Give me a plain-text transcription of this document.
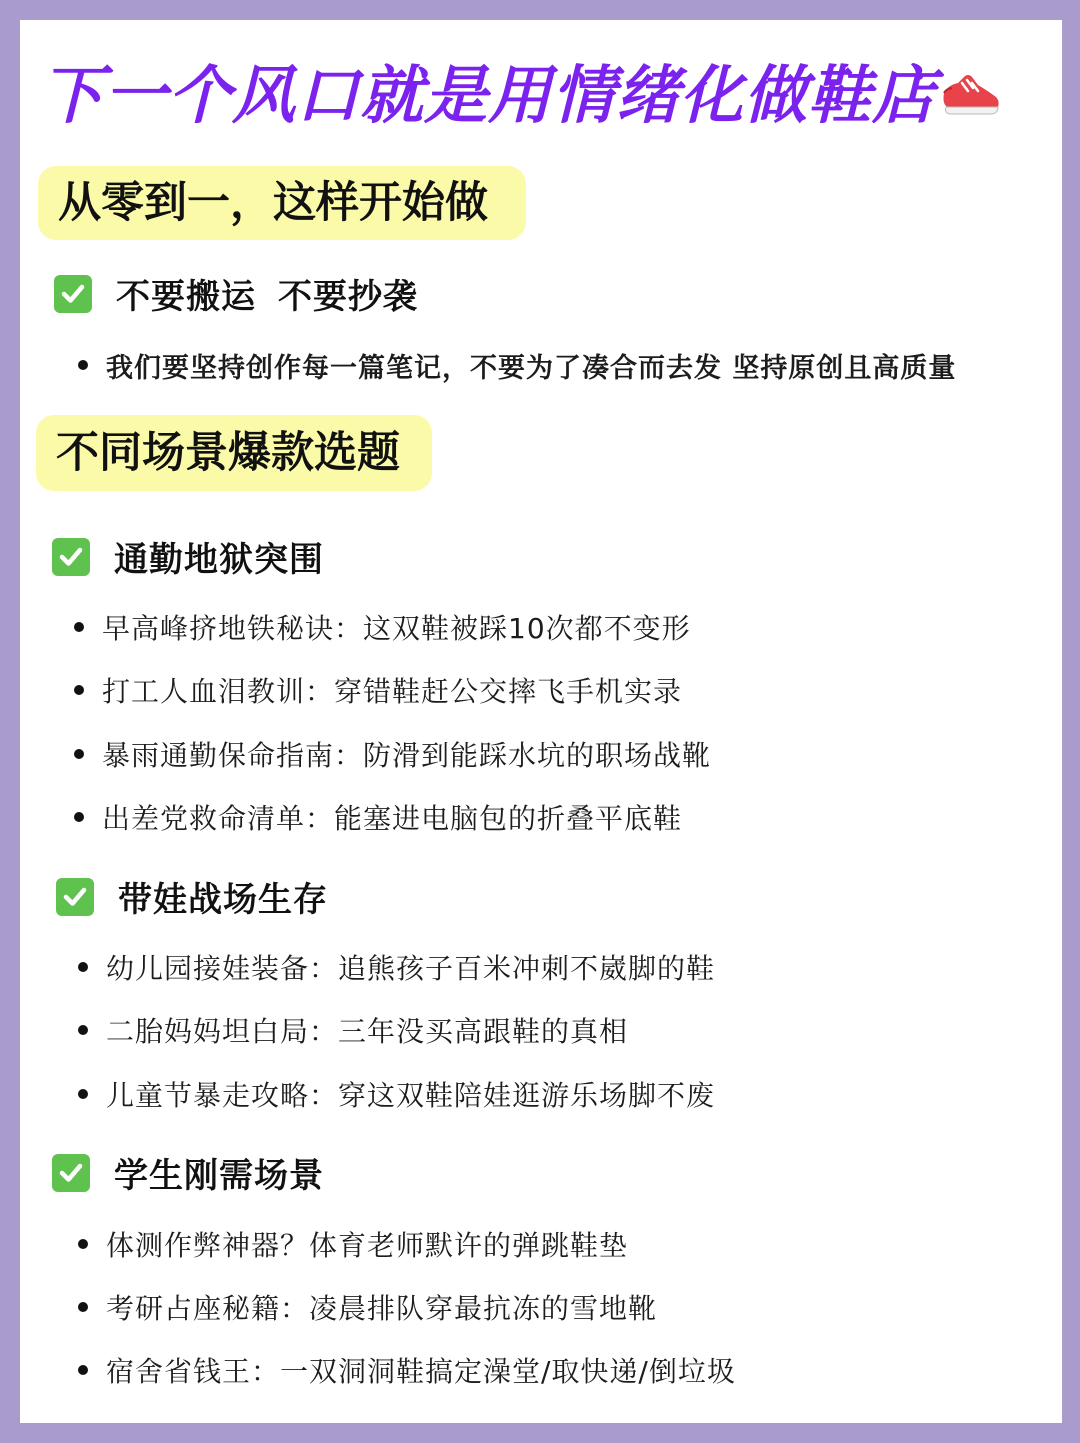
下一个风口就是用情绪化做鞋店
从零到一，这样开始做
不要搬运 不要抄袭
我们要坚持创作每一篇笔记，不要为了凑合而去发 坚持原创且高质量
不同场景爆款选题
通勤地狱突围
早高峰挤地铁秘诀：这双鞋被踩10次都不变形
打工人血泪教训：穿错鞋赶公交摔飞手机实录
暴雨通勤保命指南：防滑到能踩水坑的职场战靴
出差党救命清单：能塞进电脑包的折叠平底鞋
带娃战场生存
幼儿园接娃装备：追熊孩子百米冲刺不崴脚的鞋
二胎妈妈坦白局：三年没买高跟鞋的真相
儿童节暴走攻略：穿这双鞋陪娃逛游乐场脚不废
学生刚需场景
体测作弊神器？体育老师默许的弹跳鞋垫
考研占座秘籍：凌晨排队穿最抗冻的雪地靴
宿舍省钱王：一双洞洞鞋搞定澡堂/取快递/倒垃圾
